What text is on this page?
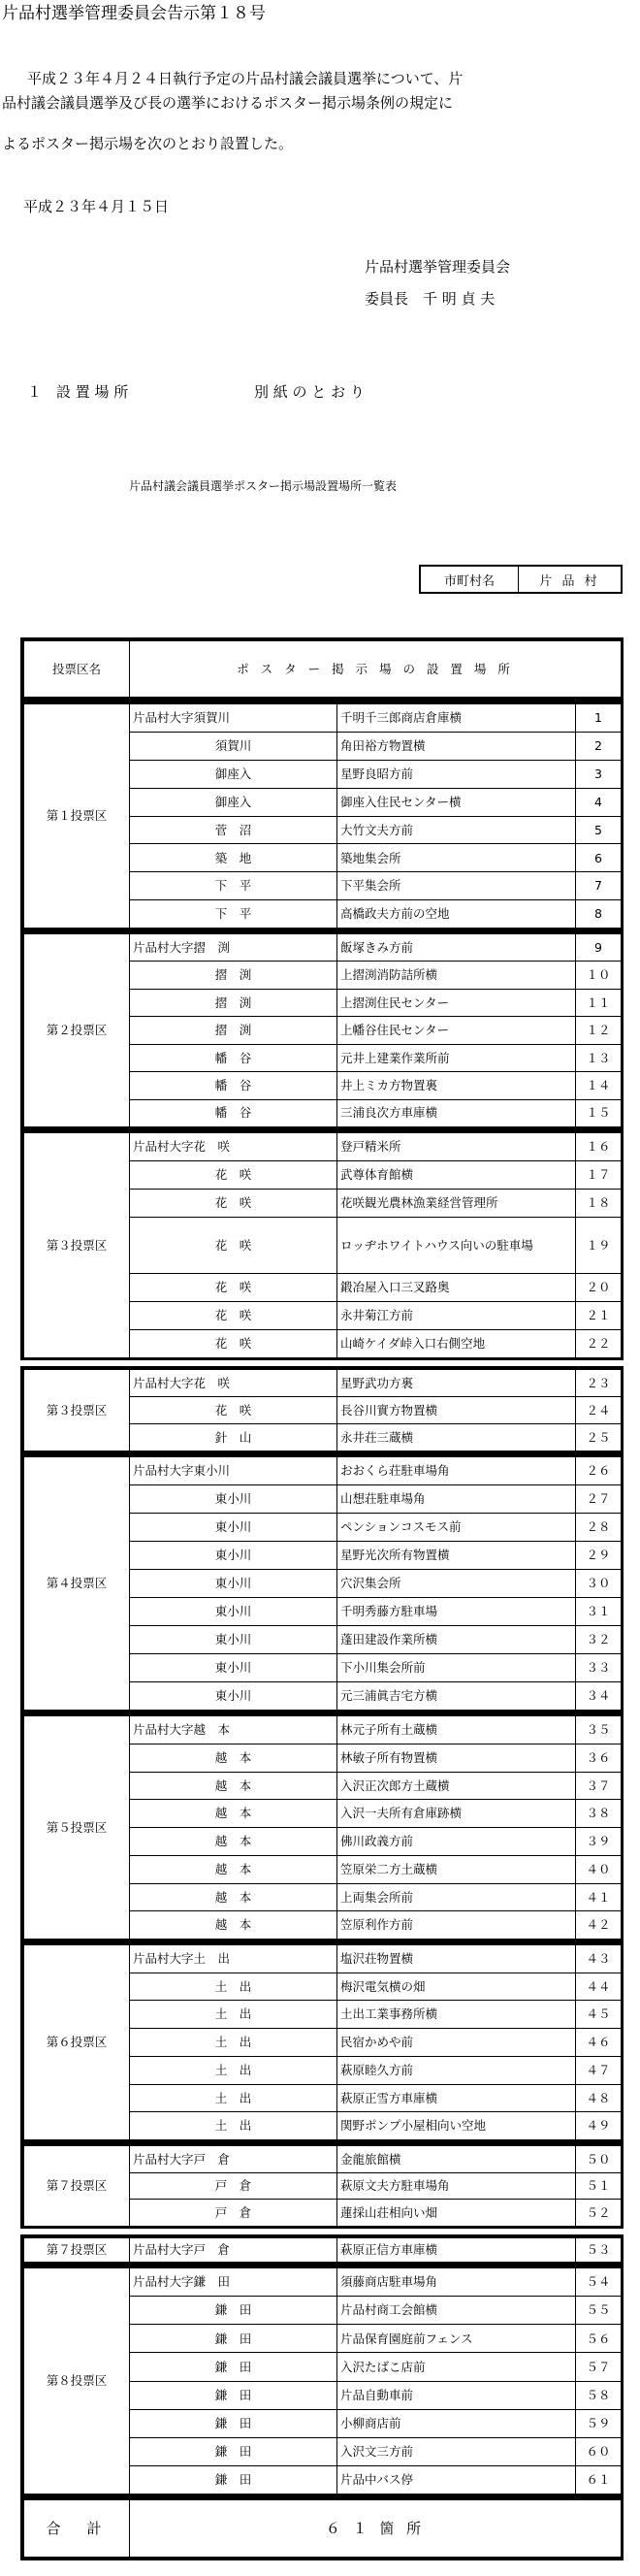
片品村選挙管理委員会告示第１８号
平成２３年４月２４日執行予定の片品村議会議員選挙について、片
品村議会議員選挙及び長の選挙におけるポスター掲示場条例の規定に
よるポスター掲示場を次のとおり設置した。
平成２３年４月１５日
片品村選挙管理委員会
委員長　千 明 貞 夫
１　設 置 場 所	別 紙 の と お り
片品村議会議員選挙ポスター掲示場設置場所一覧表
市町村名	片 品 村
投票区名	ポ ス タ ー 掲 示 場 の 設 置 場 所
第１投票区	片品村大字須賀川	千明千三郎商店倉庫横	1
	須賀川	角田裕方物置横	2
	御座入	星野良昭方前	3
	御座入	御座入住民センター横	4
	菅　沼	大竹文夫方前	5
	築　地	築地集会所	6
	下　平	下平集会所	7
	下　平	高橋政夫方前の空地	8
第２投票区	片品村大字摺　渕	飯塚きみ方前	9
	摺　渕	上摺渕消防詰所横	１０
	摺　渕	上摺渕住民センター	１１
	摺　渕	上幡谷住民センター	１２
	幡　谷	元井上建業作業所前	１３
	幡　谷	井上ミカ方物置裏	１４
	幡　谷	三浦良次方車庫横	１５
第３投票区	片品村大字花　咲	登戸精米所	１６
	花　咲	武尊体育館横	１７
	花　咲	花咲観光農林漁業経営管理所	１８
	花　咲	ロッヂホワイトハウス向いの駐車場	１９
	花　咲	鍛冶屋入口三叉路奥	２０
	花　咲	永井菊江方前	２１
	花　咲	山崎ケイダ峠入口右側空地	２２
第３投票区	片品村大字花　咲	星野武功方裏	２３
	花　咲	長谷川實方物置横	２４
	針　山	永井荘三蔵横	２５
第４投票区	片品村大字東小川	おおくら荘駐車場角	２６
	東小川	山想荘駐車場角	２７
	東小川	ペンションコスモス前	２８
	東小川	星野光次所有物置横	２９
	東小川	穴沢集会所	３０
	東小川	千明秀藤方駐車場	３１
	東小川	蓬田建設作業所横	３２
	東小川	下小川集会所前	３３
	東小川	元三浦眞吉宅方横	３４
第５投票区	片品村大字越　本	林元子所有土蔵横	３５
	越　本	林敏子所有物置横	３６
	越　本	入沢正次郎方土蔵横	３７
	越　本	入沢一夫所有倉庫跡横	３８
	越　本	佛川政義方前	３９
	越　本	笠原栄二方土蔵横	４０
	越　本	上両集会所前	４１
	越　本	笠原利作方前	４２
第６投票区	片品村大字土　出	塩沢荘物置横	４３
	土　出	梅沢電気横の畑	４４
	土　出	土出工業事務所横	４５
	土　出	民宿かめや前	４６
	土　出	萩原睦久方前	４７
	土　出	萩原正雪方車庫横	４８
	土　出	関野ポンプ小屋相向い空地	４９
第７投票区	片品村大字戸　倉	金龍旅館横	５０
	戸　倉	萩原文夫方駐車場角	５１
	戸　倉	蓮採山荘相向い畑	５２
第７投票区	片品村大字戸　倉	萩原正信方車庫横	５３
第８投票区	片品村大字鎌　田	須藤商店駐車場角	５４
	鎌　田	片品村商工会館横	５５
	鎌　田	片品保育園庭前フェンス	５６
	鎌　田	入沢たばこ店前	５７
	鎌　田	片品自動車前	５８
	鎌　田	小柳商店前	５９
	鎌　田	入沢文三方前	６０
	鎌　田	片品中バス停	６１
合　計	６ １ 箇 所
